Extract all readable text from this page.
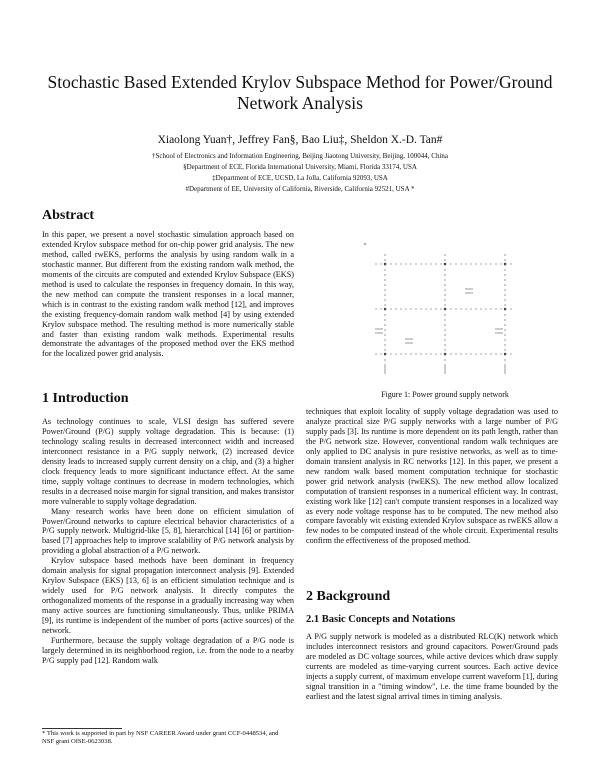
Stochastic Based Extended Krylov Subspace Method for Power/Ground
Network Analysis
Xiaolong Yuan†, Jeffrey Fan§, Bao Liu‡, Sheldon X.-D. Tan#
†School of Electronics and Information Engineering, Beijing Jiaotong University, Beijing, 100044, China
§Department of ECE, Florida International University, Miami, Florida 33174, USA
‡Department of ECE, UCSD, La Jolla, California 92093, USA
#Department of EE, University of California, Riverside, California 92521, USA *
Abstract

In this paper, we present a novel stochastic simulation approach based on extended Krylov subspace method for on-chip power grid analysis. The new method, called rwEKS, performs the analysis by using random walk in a stochastic manner. But different from the existing random walk method, the moments of the circuits are computed and extended Krylov Subspace (EKS) method is used to calculate the responses in frequency domain. In this way, the new method can compute the transient responses in a local manner, which is in contrast to the existing random walk method [12], and improves the existing frequency-domain random walk method [4] by using extended Krylov subspace method. The resulting method is more numerically stable and faster than existing random walk methods. Experimental results demonstrate the advantages of the proposed method over the EKS method for the localized power grid analysis.

Figure 1: Power ground supply network
1 Introduction

As technology continues to scale, VLSI design has suffered severe Power/Ground (P/G) supply voltage degradation. This is because: (1) technology scaling results in decreased interconnect width and increased interconnect resistance in a P/G supply network, (2) increased device density leads to increased supply current density on a chip, and (3) a higher clock frequency leads to more significant inductance effect. At the same time, supply voltage continues to decrease in modern technologies, which results in a decreased noise margin for signal transition, and makes transistor more vulnerable to supply voltage degradation.

Many research works have been done on efficient simulation of Power/Ground networks to capture electrical behavior characteristics of a P/G supply network. Multigrid-like [5, 8], hierarchical [14] [6] or partition-based [7] approaches help to improve scalability of P/G network analysis by providing a global abstraction of a P/G network.

Krylov subspace based methods have been dominant in frequency domain analysis for signal propagation interconnect analysis [9]. Extended Krylov Subspace (EKS) [13, 6] is an efficient simulation technique and is widely used for P/G network analysis. It directly computes the orthogonalized moments of the response in a gradually increasing way when many active sources are functioning simultaneously. Thus, unlike PRIMA [9], its runtime is independent of the number of ports (active sources) of the network.

Furthermore, because the supply voltage degradation of a P/G node is largely determined in its neighborhood region, i.e. from the node to a nearby P/G supply pad [12]. Random walk

techniques that exploit locality of supply voltage degradation was used to analyze practical size P/G supply networks with a large number of P/G supply pads [3]. Its runtime is more dependent on its path length, rather than the P/G network size. However, conventional random walk techniques are only applied to DC analysis in pure resistive networks, as well as to time-domain transient analysis in RC networks [12]. In this paper, we present a new random walk based moment computation technique for stochastic power grid network analysis (rwEKS). The new method allow localized computation of transient responses in a numerical efficient way. In contrast, existing work like [12] can't compute transient responses in a localized way as every node voltage response has to be computed. The new method also compare favorably wit existing extended Krylov subspace as rwEKS allow a few nodes to be computed instead of the whole circuit. Experimental results confirm the effectiveness of the proposed method.

2 Background
2.1 Basic Concepts and Notations

A P/G supply network is modeled as a distributed RLC(K) network which includes interconnect resistors and ground capacitors. Power/Ground pads are modeled as DC voltage sources, while active devices which draw supply currents are modeled as time-varying current sources. Each active device injects a supply current, of maximum envelope current waveform [1], during signal transition in a "timing window", i.e. the time frame bounded by the earliest and the latest signal arrival times in timing analysis.

* This work is supported in part by NSF CAREER Award under grant CCF-0448534, and NSF grant OISE-0623038.
